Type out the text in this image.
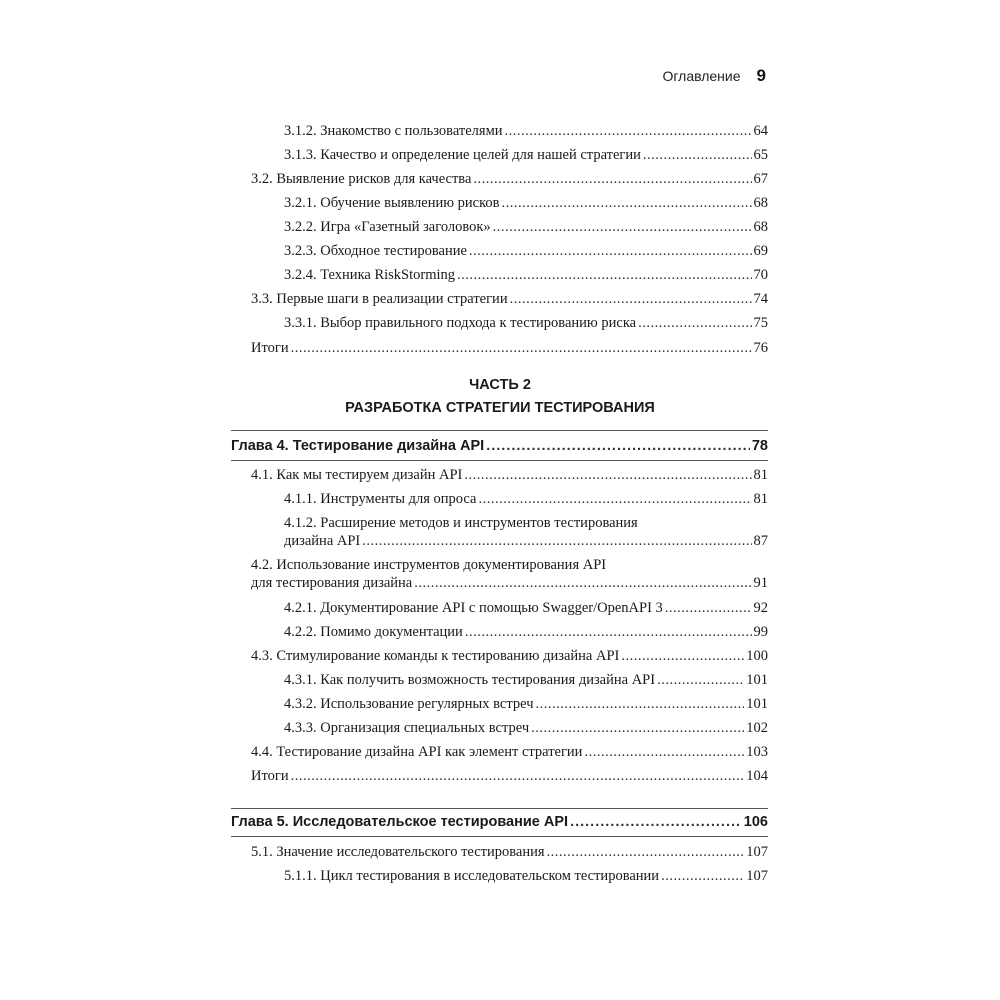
Оглавление 9
3.1.2. Знакомство с пользователями .....	64
3.1.3. Качество и определение целей для нашей стратегии .....	65
3.2. Выявление рисков для качества .....	67
3.2.1. Обучение выявлению рисков .....	68
3.2.2. Игра «Газетный заголовок» .....	68
3.2.3. Обходное тестирование .....	69
3.2.4. Техника RiskStorming .....	70
3.3. Первые шаги в реализации стратегии .....	74
3.3.1. Выбор правильного подхода к тестированию риска .....	75
Итоги .....	76
ЧАСТЬ 2
РАЗРАБОТКА СТРАТЕГИИ ТЕСТИРОВАНИЯ
Глава 4. Тестирование дизайна API .....	78
4.1. Как мы тестируем дизайн API .....	81
4.1.1. Инструменты для опроса .....	81
4.1.2. Расширение методов и инструментов тестирования
дизайна API .....	87
4.2. Использование инструментов документирования API
для тестирования дизайна .....	91
4.2.1. Документирование API с помощью Swagger/OpenAPI 3 .....	92
4.2.2. Помимо документации .....	99
4.3. Стимулирование команды к тестированию дизайна API .....	100
4.3.1. Как получить возможность тестирования дизайна API .....	101
4.3.2. Использование регулярных встреч .....	101
4.3.3. Организация специальных встреч .....	102
4.4. Тестирование дизайна API как элемент стратегии .....	103
Итоги .....	104
Глава 5. Исследовательское тестирование API .....	106
5.1. Значение исследовательского тестирования .....	107
5.1.1. Цикл тестирования в исследовательском тестировании .....	107
